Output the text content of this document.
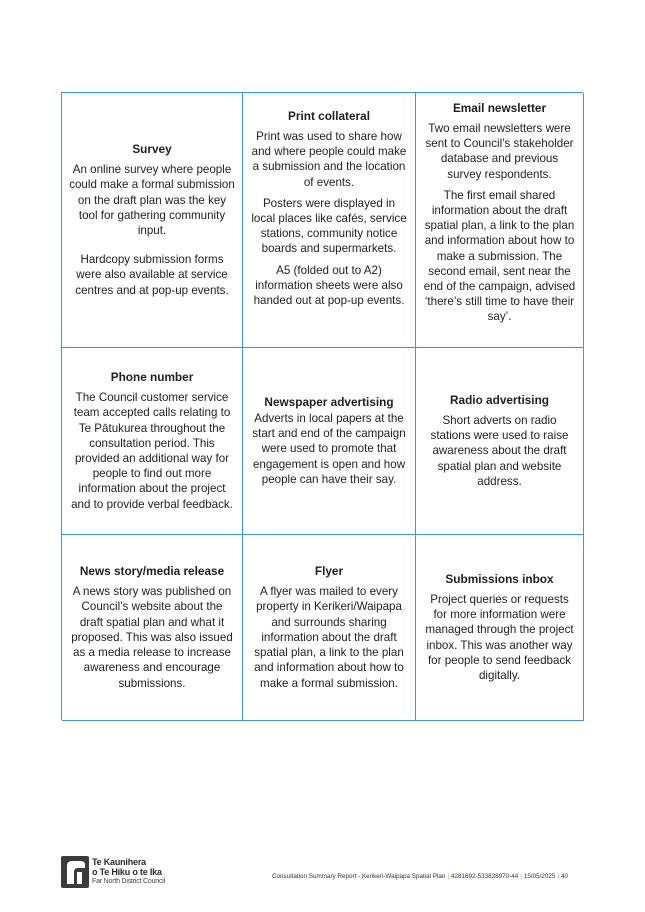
Survey

An online survey where people could make a formal submission on the draft plan was the key tool for gathering community input.

Hardcopy submission forms were also available at service centres and at pop-up events.

Print collateral

Print was used to share how and where people could make a submission and the location of events.

Posters were displayed in local places like cafés, service stations, community notice boards and supermarkets.

A5 (folded out to A2) information sheets were also handed out at pop-up events.

Email newsletter

Two email newsletters were sent to Council’s stakeholder database and previous survey respondents.

The first email shared information about the draft spatial plan, a link to the plan and information about how to make a submission. The second email, sent near the end of the campaign, advised ‘there’s still time to have their say’.

Phone number

The Council customer service team accepted calls relating to Te Pātukurea throughout the consultation period. This provided an additional way for people to find out more information about the project and to provide verbal feedback.

Newspaper advertising

Adverts in local papers at the start and end of the campaign were used to promote that engagement is open and how people can have their say.

Radio advertising

Short adverts on radio stations were used to raise awareness about the draft spatial plan and website address.

News story/media release

A news story was published on Council’s website about the draft spatial plan and what it proposed. This was also issued as a media release to increase awareness and encourage submissions.

Flyer

A flyer was mailed to every property in Kerikeri/Waipapa and surrounds sharing information about the draft spatial plan, a link to the plan and information about how to make a formal submission.

Submissions inbox

Project queries or requests for more information were managed through the project inbox. This was another way for people to send feedback digitally.

Te Kaunihera
o Te Hiku o te Ika
Far North District Council
Consultation Summary Report - Kerikeri-Waipapa Spatial Plan | 4281692-533828970-44 | 15/05/2025 | 40
